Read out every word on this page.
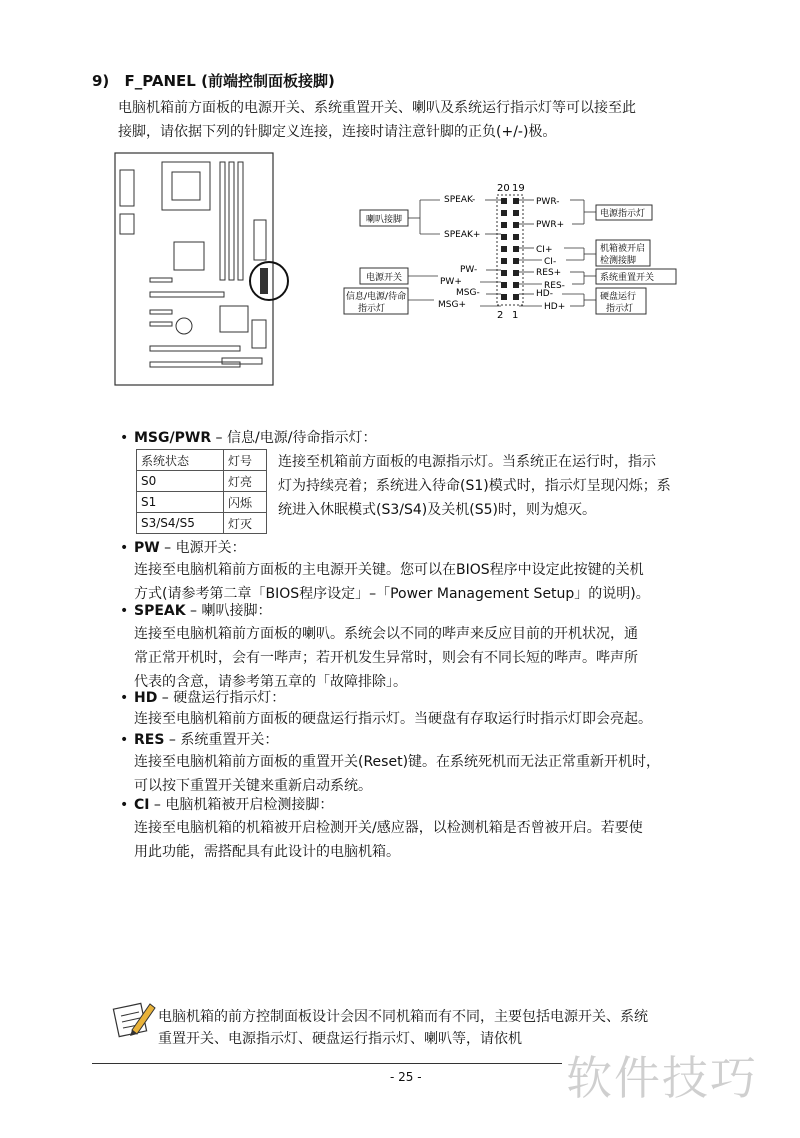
9) F_PANEL (前端控制面板接脚)
电脑机箱前方面板的电源开关、系统重置开关、喇叭及系统运行指示灯等可以接至此
接脚，请依据下列的针脚定义连接，连接时请注意针脚的正负(+/-)极。
20 19
2 1
SPEAK-
SPEAK+
PW-
PW+
MSG-
MSG+
喇叭接脚
电源开关
信息/电源/待命
指示灯
PWR-
PWR+
CI+
CI-
RES+
RES-
HD-
HD+
电源指示灯
机箱被开启
检测接脚
系统重置开关
硬盘运行
指示灯
• MSG/PWR – 信息/电源/待命指示灯：
系统状态	灯号
S0	灯亮
S1	闪烁
S3/S4/S5	灯灭
连接至机箱前方面板的电源指示灯。当系统正在运行时，指示
灯为持续亮着；系统进入待命(S1)模式时，指示灯呈现闪烁；系
统进入休眠模式(S3/S4)及关机(S5)时，则为熄灭。
• PW – 电源开关：
连接至电脑机箱前方面板的主电源开关键。您可以在BIOS程序中设定此按键的关机
方式(请参考第二章「BIOS程序设定」–「Power Management Setup」的说明)。
• SPEAK – 喇叭接脚：
连接至电脑机箱前方面板的喇叭。系统会以不同的哔声来反应目前的开机状况，通
常正常开机时，会有一哔声；若开机发生异常时，则会有不同长短的哔声。哔声所
代表的含意，请参考第五章的「故障排除」。
• HD – 硬盘运行指示灯：
连接至电脑机箱前方面板的硬盘运行指示灯。当硬盘有存取运行时指示灯即会亮起。
• RES – 系统重置开关：
连接至电脑机箱前方面板的重置开关(Reset)键。在系统死机而无法正常重新开机时，
可以按下重置开关键来重新启动系统。
• CI – 电脑机箱被开启检测接脚：
连接至电脑机箱的机箱被开启检测开关/感应器，以检测机箱是否曾被开启。若要使
用此功能，需搭配具有此设计的电脑机箱。
电脑机箱的前方控制面板设计会因不同机箱而有不同，主要包括电源开关、系统
重置开关、电源指示灯、硬盘运行指示灯、喇叭等，请依机
- 25 -	软件技巧
